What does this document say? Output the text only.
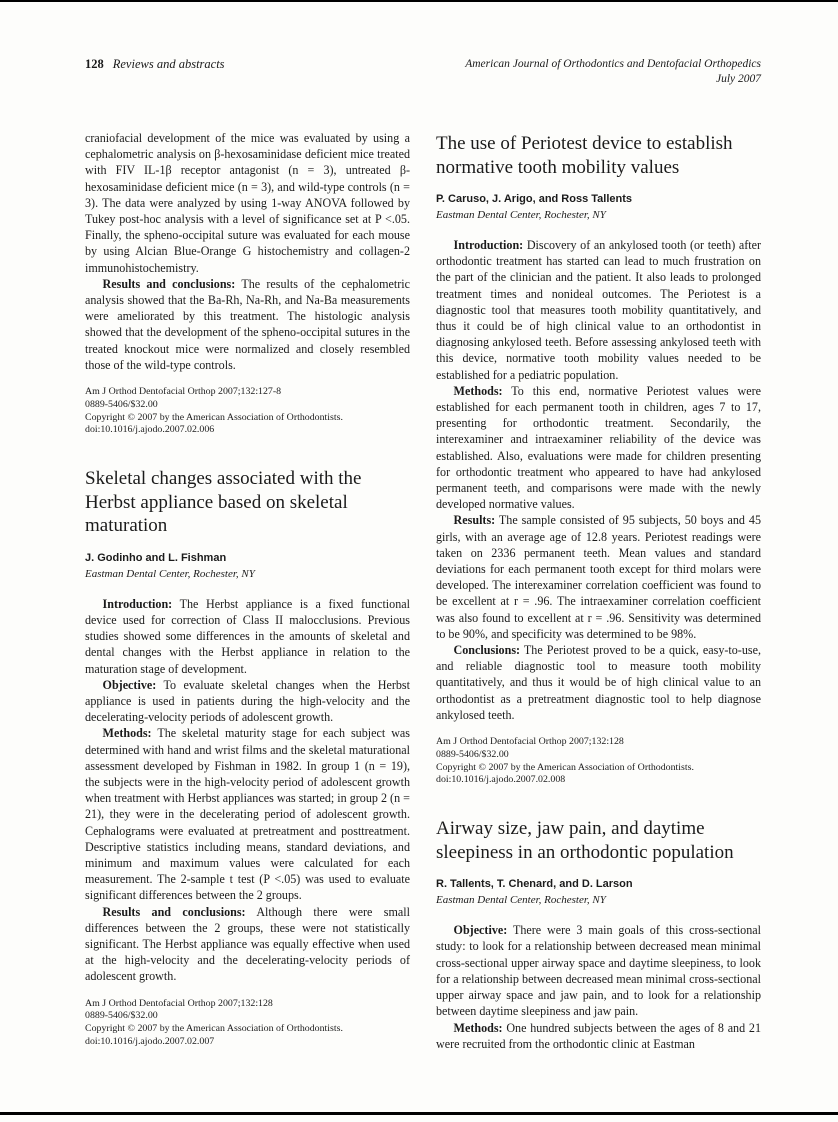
128 Reviews and abstracts	American Journal of Orthodontics and Dentofacial Orthopedics
July 2007

craniofacial development of the mice was evaluated by using a cephalometric analysis on β-hexosaminidase deficient mice treated with FIV IL-1β receptor antagonist (n = 3), untreated β-hexosaminidase deficient mice (n = 3), and wild-type controls (n = 3). The data were analyzed by using 1-way ANOVA followed by Tukey post-hoc analysis with a level of significance set at P <.05. Finally, the spheno-occipital suture was evaluated for each mouse by using Alcian Blue-Orange G histochemistry and collagen-2 immunohistochemistry.

Results and conclusions: The results of the cephalometric analysis showed that the Ba-Rh, Na-Rh, and Na-Ba measurements were ameliorated by this treatment. The histologic analysis showed that the development of the spheno-occipital sutures in the treated knockout mice were normalized and closely resembled those of the wild-type controls.

Am J Orthod Dentofacial Orthop 2007;132:127-8
0889-5406/$32.00
Copyright © 2007 by the American Association of Orthodontists.
doi:10.1016/j.ajodo.2007.02.006
Skeletal changes associated with the Herbst appliance based on skeletal maturation
J. Godinho and L. Fishman
Eastman Dental Center, Rochester, NY

Introduction: The Herbst appliance is a fixed functional device used for correction of Class II malocclusions. Previous studies showed some differences in the amounts of skeletal and dental changes with the Herbst appliance in relation to the maturation stage of development.

Objective: To evaluate skeletal changes when the Herbst appliance is used in patients during the high-velocity and the decelerating-velocity periods of adolescent growth.

Methods: The skeletal maturity stage for each subject was determined with hand and wrist films and the skeletal maturational assessment developed by Fishman in 1982. In group 1 (n = 19), the subjects were in the high-velocity period of adolescent growth when treatment with Herbst appliances was started; in group 2 (n = 21), they were in the decelerating period of adolescent growth. Cephalograms were evaluated at pretreatment and posttreatment. Descriptive statistics including means, standard deviations, and minimum and maximum values were calculated for each measurement. The 2-sample t test (P <.05) was used to evaluate significant differences between the 2 groups.

Results and conclusions: Although there were small differences between the 2 groups, these were not statistically significant. The Herbst appliance was equally effective when used at the high-velocity and the decelerating-velocity periods of adolescent growth.

Am J Orthod Dentofacial Orthop 2007;132:128
0889-5406/$32.00
Copyright © 2007 by the American Association of Orthodontists.
doi:10.1016/j.ajodo.2007.02.007
The use of Periotest device to establish normative tooth mobility values
P. Caruso, J. Arigo, and Ross Tallents
Eastman Dental Center, Rochester, NY

Introduction: Discovery of an ankylosed tooth (or teeth) after orthodontic treatment has started can lead to much frustration on the part of the clinician and the patient. It also leads to prolonged treatment times and nonideal outcomes. The Periotest is a diagnostic tool that measures tooth mobility quantitatively, and thus it could be of high clinical value to an orthodontist in diagnosing ankylosed teeth. Before assessing ankylosed teeth with this device, normative tooth mobility values needed to be established for a pediatric population.

Methods: To this end, normative Periotest values were established for each permanent tooth in children, ages 7 to 17, presenting for orthodontic treatment. Secondarily, the interexaminer and intraexaminer reliability of the device was established. Also, evaluations were made for children presenting for orthodontic treatment who appeared to have had ankylosed permanent teeth, and comparisons were made with the newly developed normative values.

Results: The sample consisted of 95 subjects, 50 boys and 45 girls, with an average age of 12.8 years. Periotest readings were taken on 2336 permanent teeth. Mean values and standard deviations for each permanent tooth except for third molars were developed. The interexaminer correlation coefficient was found to be excellent at r = .96. The intraexaminer correlation coefficient was also found to excellent at r = .96. Sensitivity was determined to be 90%, and specificity was determined to be 98%.

Conclusions: The Periotest proved to be a quick, easy-to-use, and reliable diagnostic tool to measure tooth mobility quantitatively, and thus it would be of high clinical value to an orthodontist as a pretreatment diagnostic tool to help diagnose ankylosed teeth.

Am J Orthod Dentofacial Orthop 2007;132:128
0889-5406/$32.00
Copyright © 2007 by the American Association of Orthodontists.
doi:10.1016/j.ajodo.2007.02.008
Airway size, jaw pain, and daytime sleepiness in an orthodontic population
R. Tallents, T. Chenard, and D. Larson
Eastman Dental Center, Rochester, NY

Objective: There were 3 main goals of this cross-sectional study: to look for a relationship between decreased mean minimal cross-sectional upper airway space and daytime sleepiness, to look for a relationship between decreased mean minimal cross-sectional upper airway space and jaw pain, and to look for a relationship between daytime sleepiness and jaw pain.

Methods: One hundred subjects between the ages of 8 and 21 were recruited from the orthodontic clinic at Eastman
